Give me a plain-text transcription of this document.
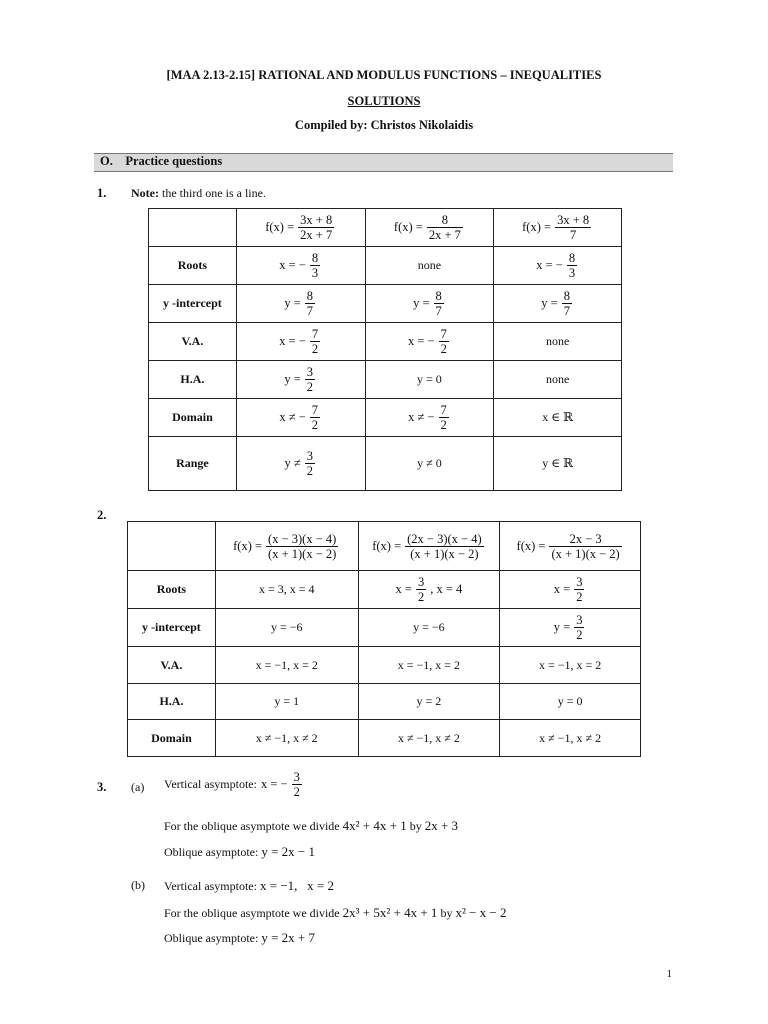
[MAA 2.13-2.15] RATIONAL AND MODULUS FUNCTIONS – INEQUALITIES
SOLUTIONS
Compiled by: Christos Nikolaidis
O.    Practice questions
1. Note: the third one is a line.

	$f(x) = \frac{3x + 8}{2x + 7}$	$f(x) = \frac{8}{2x + 7}$	$f(x) = \frac{3x + 8}{7}$

Roots	x = − $\frac{8}{3}$	none	x = − $\frac{8}{3}$

y -intercept	$y = \frac{8}{7}$	$y = \frac{8}{7}$	$y = \frac{8}{7}$

V.A.	x = − $\frac{7}{2}$	x = − $\frac{7}{2}$	none
H.A.	$y = \frac{3}{2}$	y = 0	none
Domain	x ≠ − $\frac{7}{2}$	x ≠ − $\frac{7}{2}$	x ∈ ℝ
Range	$y \ne \frac{3}{2}$	y ≠ 0	y ∈ ℝ
2.

	$f(x) = \frac{(x - 3)(x - 4)}{(x + 1)(x - 2)}$	$f(x) = \frac{(2x - 3)(x - 4)}{(x + 1)(x - 2)}$	$f(x) = \frac{2x - 3}{(x + 1)(x - 2)}$

Roots	x = 3, x = 4	$x = \frac{3}{2}$ , x = 4	$x = \frac{3}{2}$

y -intercept	y = −6	y = −6	$y = \frac{3}{2}$

V.A.	x = −1, x = 2	x = −1, x = 2	x = −1, x = 2
H.A.	y = 1	y = 2	y = 0
Domain	x ≠ −1, x ≠ 2	x ≠ −1, x ≠ 2	x ≠ −1, x ≠ 2
3. (a) Vertical asymptote: x = − $\frac{3}{2}$
For the oblique asymptote we divide 4x² + 4x + 1 by 2x + 3
Oblique asymptote: y = 2x − 1
(b) Vertical asymptote: x = −1,   x = 2
For the oblique asymptote we divide 2x³ + 5x² + 4x + 1 by x² − x − 2
Oblique asymptote: y = 2x + 7
1
